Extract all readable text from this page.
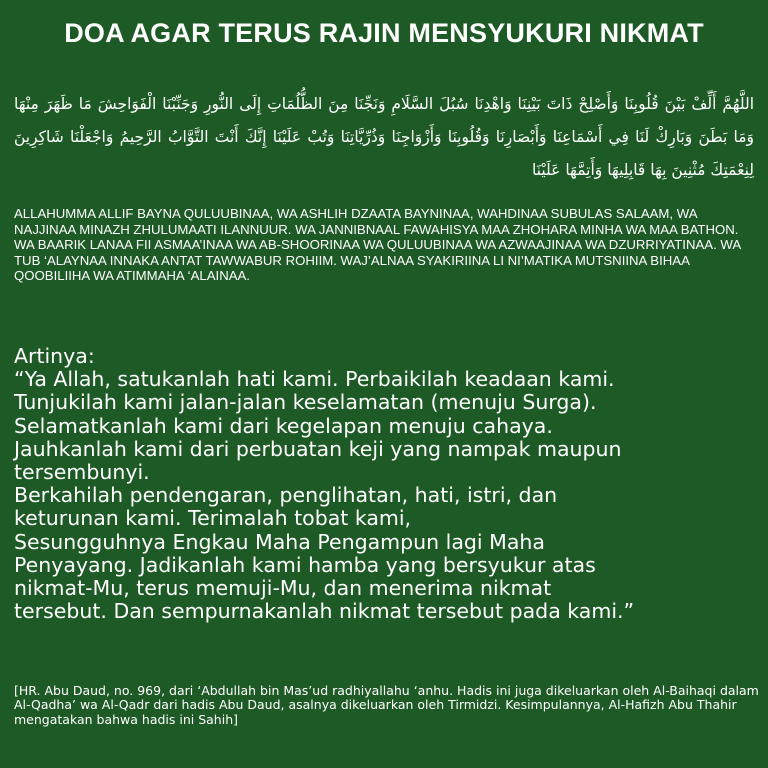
DOA AGAR TERUS RAJIN MENSYUKURI NIKMAT
اللَّهُمَّ أَلِّفْ بَيْنَ قُلُوبِنَا وَأَصْلِحْ ذَاتَ بَيْنِنَا وَاهْدِنَا سُبُلَ السَّلَامِ وَنَجِّنَا مِنَ الظُّلُمَاتِ إِلَى النُّورِ وَجَنِّبْنَا الْفَوَاحِشَ مَا ظَهَرَ مِنْهَا وَمَا بَطَنَ وَبَارِكْ لَنَا فِي أَسْمَاعِنَا وَأَبْصَارِنَا وَقُلُوبِنَا وَأَزْوَاجِنَا وَذُرِّيَّاتِنَا وَتُبْ عَلَيْنَا إِنَّكَ أَنْتَ التَّوَّابُ الرَّحِيمُ وَاجْعَلْنَا شَاكِرِينَ لِنِعْمَتِكَ مُثْنِينَ بِهَا قَابِلِيهَا وَأَتِمَّهَا عَلَيْنَا
ALLAHUMMA ALLIF BAYNA QULUUBINAA, WA ASHLIH DZAATA BAYNINAA, WAHDINAA SUBULAS SALAAM, WA NAJJINAA MINAZH ZHULUMAATI ILANNUUR. WA JANNIBNAAL FAWAHISYA MAA ZHOHARA MINHA WA MAA BATHON. WA BAARIK LANAA FII ASMAA’INAA WA AB-SHOORINAA WA QULUUBINAA WA AZWAAJINAA WA DZURRIYATINAA. WA TUB ‘ALAYNAA INNAKA ANTAT TAWWABUR ROHIIM. WAJ’ALNAA SYAKIRIINA LI NI’MATIKA MUTSNIINA BIHAA QOOBILIIHA WA ATIMMAHA ‘ALAINAA.
Artinya:
“Ya Allah, satukanlah hati kami. Perbaikilah keadaan kami.
Tunjukilah kami jalan-jalan keselamatan (menuju Surga).
Selamatkanlah kami dari kegelapan menuju cahaya.
Jauhkanlah kami dari perbuatan keji yang nampak maupun
tersembunyi.
Berkahilah pendengaran, penglihatan, hati, istri, dan
keturunan kami. Terimalah tobat kami,
Sesungguhnya Engkau Maha Pengampun lagi Maha
Penyayang. Jadikanlah kami hamba yang bersyukur atas
nikmat-Mu, terus memuji-Mu, dan menerima nikmat
tersebut. Dan sempurnakanlah nikmat tersebut pada kami.”
[HR. Abu Daud, no. 969, dari ‘Abdullah bin Mas’ud radhiyallahu ‘anhu. Hadis ini juga dikeluarkan oleh Al-Baihaqi dalam Al-Qadha’ wa Al-Qadr dari hadis Abu Daud, asalnya dikeluarkan oleh Tirmidzi. Kesimpulannya, Al-Hafizh Abu Thahir mengatakan bahwa hadis ini Sahih]
